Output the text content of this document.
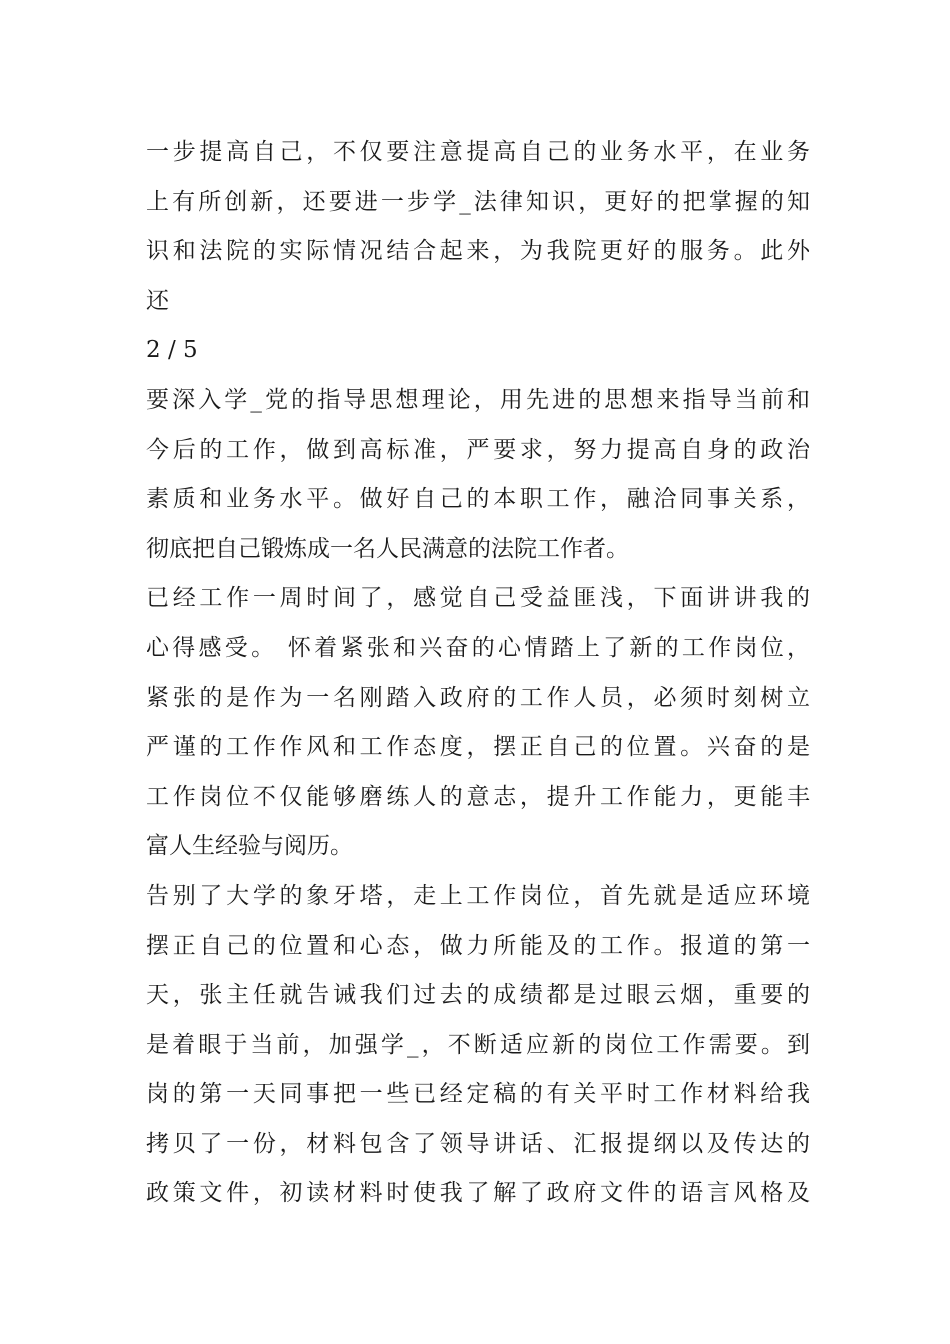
一步提高自己，不仅要注意提高自己的业务水平，在业务
上有所创新，还要进一步学_法律知识，更好的把掌握的知
识和法院的实际情况结合起来，为我院更好的服务。此外
还
2 / 5
要深入学_党的指导思想理论，用先进的思想来指导当前和
今后的工作，做到高标准，严要求，努力提高自身的政治
素质和业务水平。做好自己的本职工作，融洽同事关系，
彻底把自己锻炼成一名人民满意的法院工作者。
已经工作一周时间了，感觉自己受益匪浅，下面讲讲我的
心得感受。 怀着紧张和兴奋的心情踏上了新的工作岗位，
紧张的是作为一名刚踏入政府的工作人员，必须时刻树立
严谨的工作作风和工作态度，摆正自己的位置。兴奋的是
工作岗位不仅能够磨练人的意志，提升工作能力，更能丰
富人生经验与阅历。
告别了大学的象牙塔，走上工作岗位，首先就是适应环境
摆正自己的位置和心态，做力所能及的工作。报道的第一
天，张主任就告诫我们过去的成绩都是过眼云烟，重要的
是着眼于当前，加强学_，不断适应新的岗位工作需要。到
岗的第一天同事把一些已经定稿的有关平时工作材料给我
拷贝了一份，材料包含了领导讲话、汇报提纲以及传达的
政策文件，初读材料时使我了解了政府文件的语言风格及
